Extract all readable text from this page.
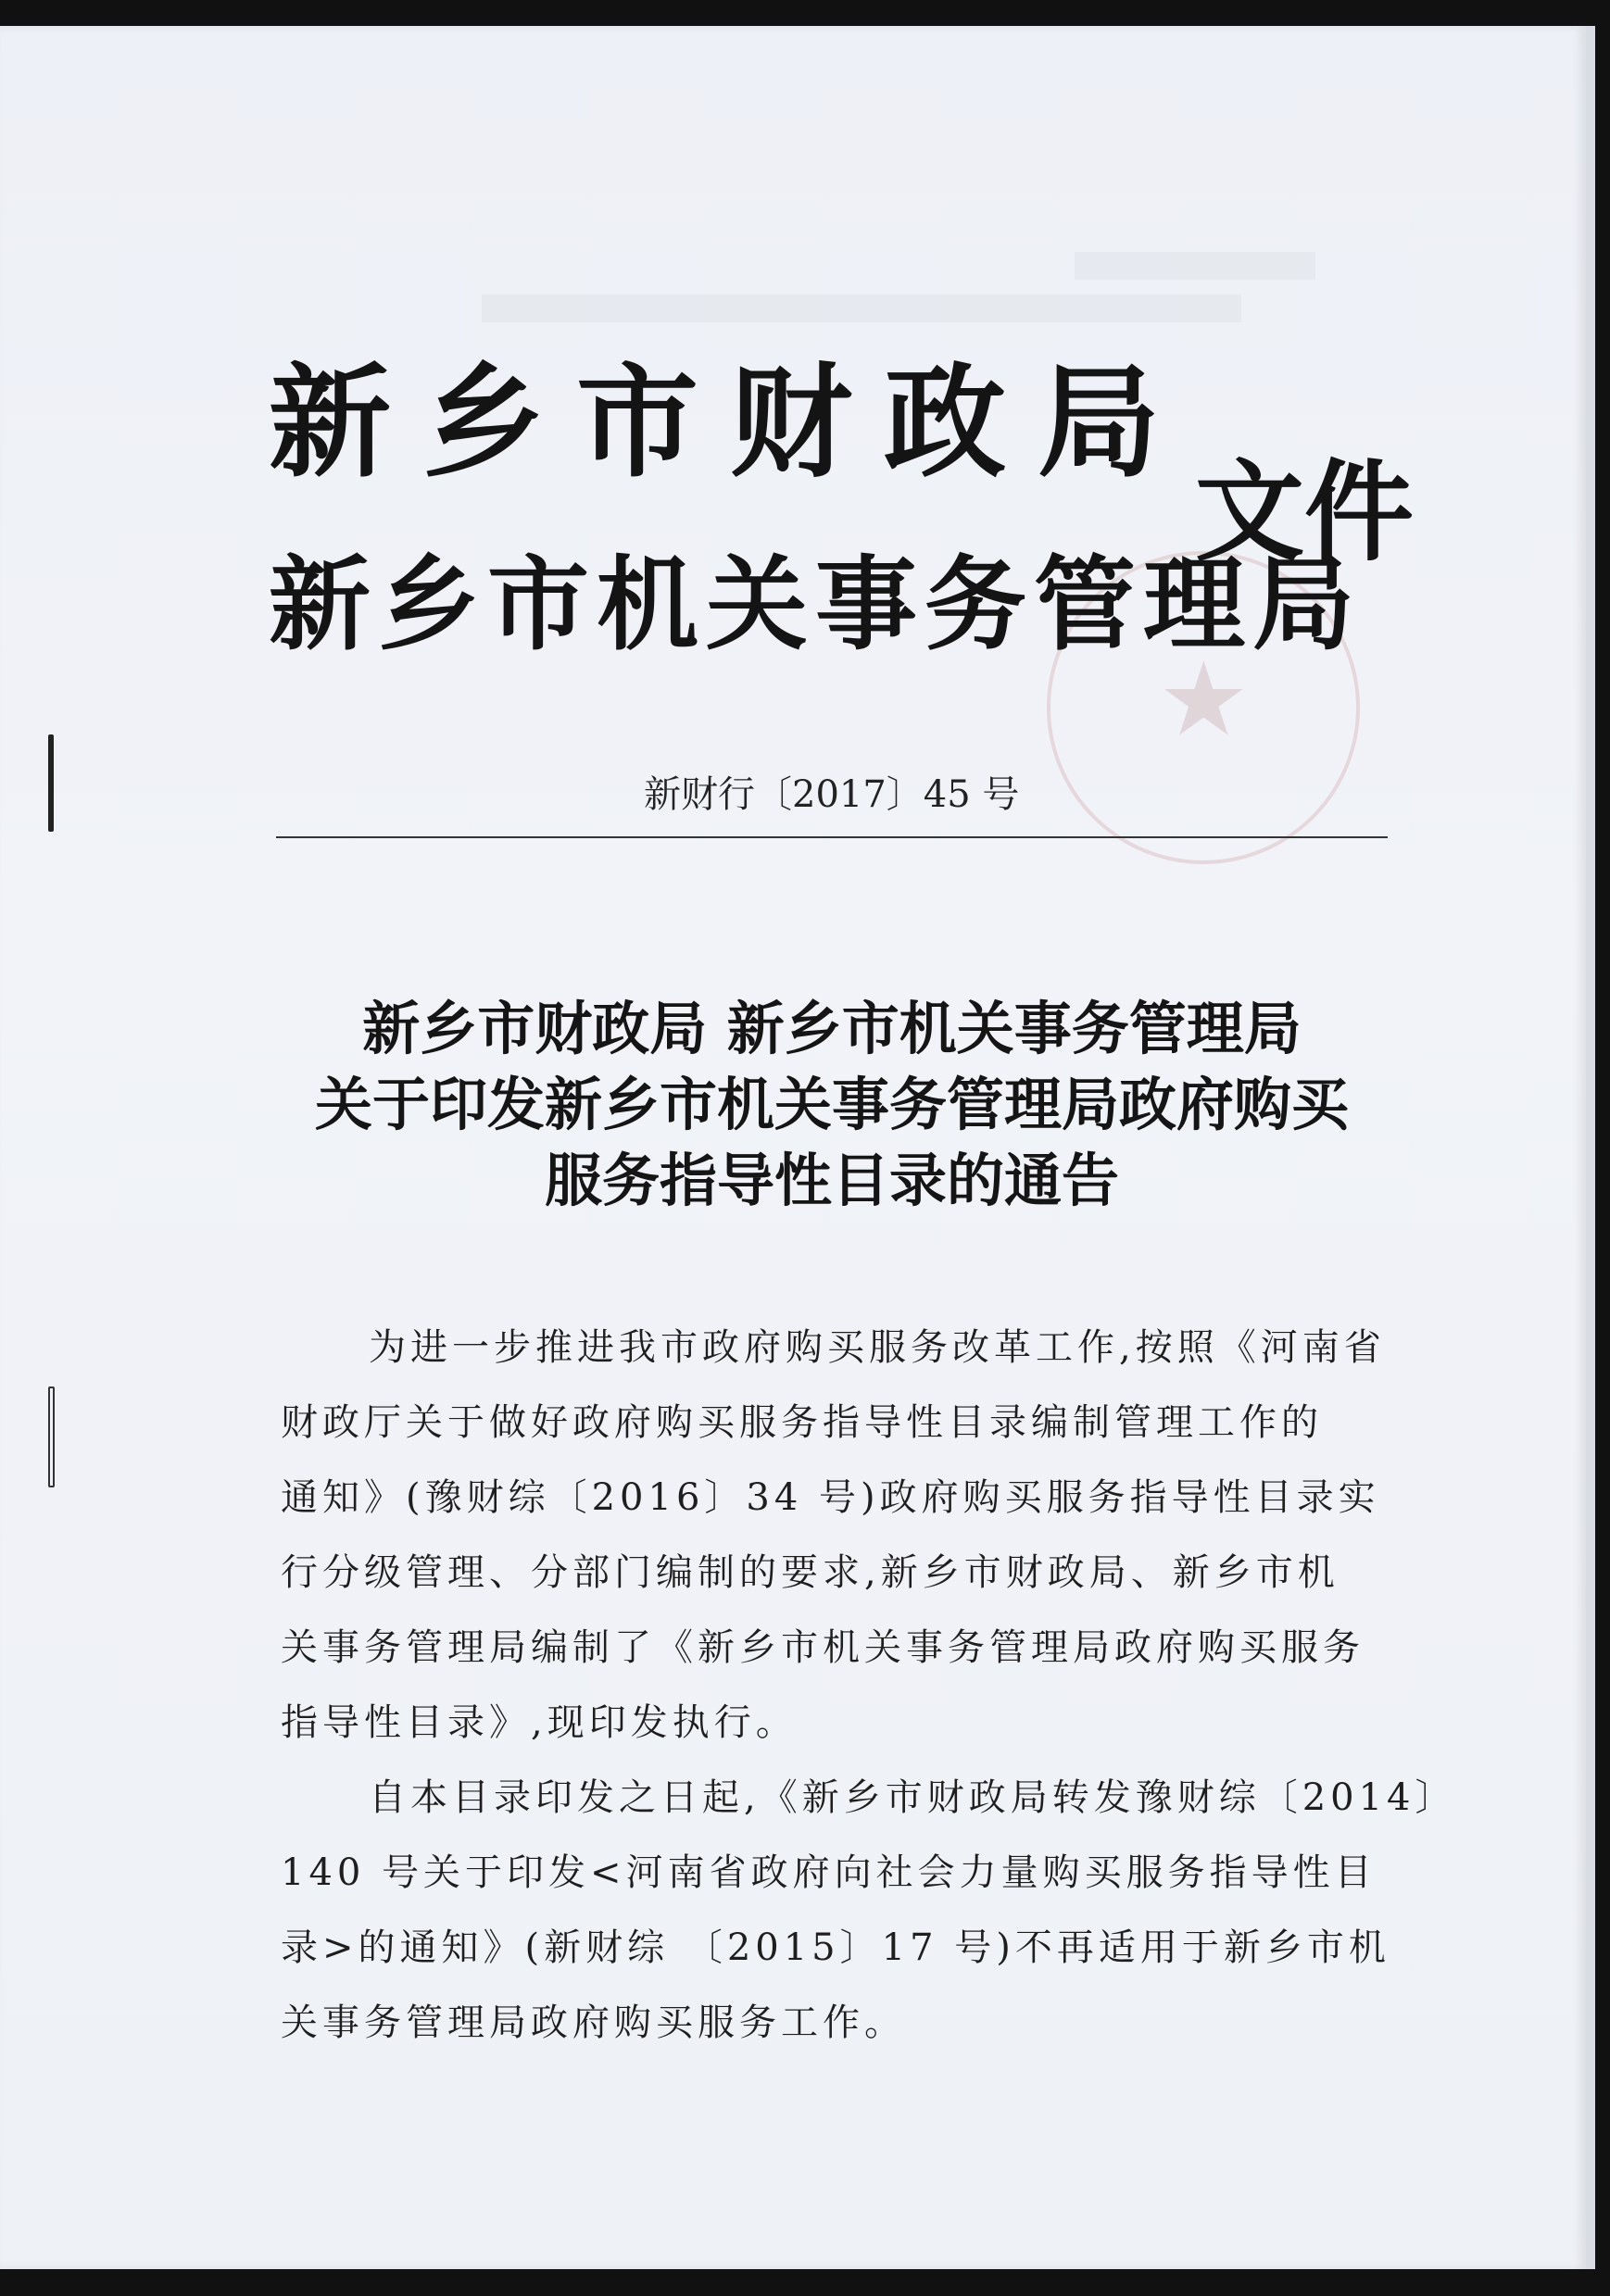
★
新乡市财政局
新乡市机关事务管理局
文件
新财行〔2017〕45 号
新乡市财政局 新乡市机关事务管理局
关于印发新乡市机关事务管理局政府购买
服务指导性目录的通告
为进一步推进我市政府购买服务改革工作,按照《河南省
财政厅关于做好政府购买服务指导性目录编制管理工作的
通知》(豫财综〔2016〕34 号)政府购买服务指导性目录实
行分级管理、分部门编制的要求,新乡市财政局、新乡市机
关事务管理局编制了《新乡市机关事务管理局政府购买服务
指导性目录》,现印发执行。
自本目录印发之日起,《新乡市财政局转发豫财综〔2014〕
140 号关于印发<河南省政府向社会力量购买服务指导性目
录>的通知》(新财综 〔2015〕17 号)不再适用于新乡市机
关事务管理局政府购买服务工作。
